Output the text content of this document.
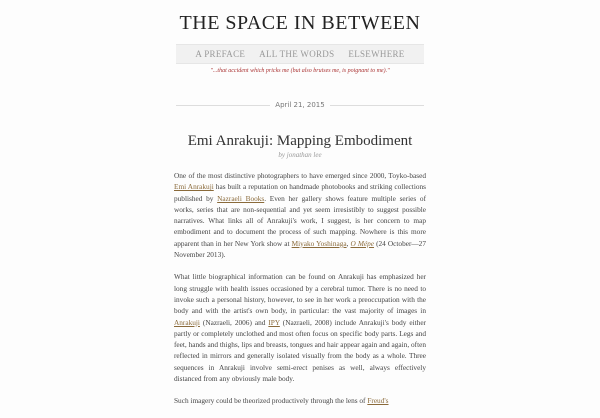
THE SPACE IN BETWEEN
A PREFACE ALL THE WORDS ELSEWHERE
"...that accident which pricks me (but also bruises me, is poignant to me)."
April 21, 2015
Emi Anrakuji: Mapping Embodiment
by jonathan lee

One of the most distinctive photographers to have emerged since 2000, Toyko-based Emi Anrakuji has built a reputation on handmade photobooks and striking collections published by Nazraeli Books. Even her gallery shows feature multiple series of works, series that are non-sequential and yet seem irresistibly to suggest possible narratives. What links all of Anrakuji's work, I suggest, is her concern to map embodiment and to document the process of such mapping. Nowhere is this more apparent than in her New York show at Miyako Yoshinaga, O Mépe (24 October—27 November 2013).

What little biographical information can be found on Anrakuji has emphasized her long struggle with health issues occasioned by a cerebral tumor. There is no need to invoke such a personal history, however, to see in her work a preoccupation with the body and with the artist's own body, in particular: the vast majority of images in Anrakuji (Nazraeli, 2006) and IPY (Nazraeli, 2008) include Anrakuji's body either partly or completely unclothed and most often focus on specific body parts. Legs and feet, hands and thighs, lips and breasts, tongues and hair appear again and again, often reflected in mirrors and generally isolated visually from the body as a whole. Three sequences in Anrakuji involve semi-erect penises as well, always effectively distanced from any obviously male body.

Such imagery could be theorized productively through the lens of Freud's
